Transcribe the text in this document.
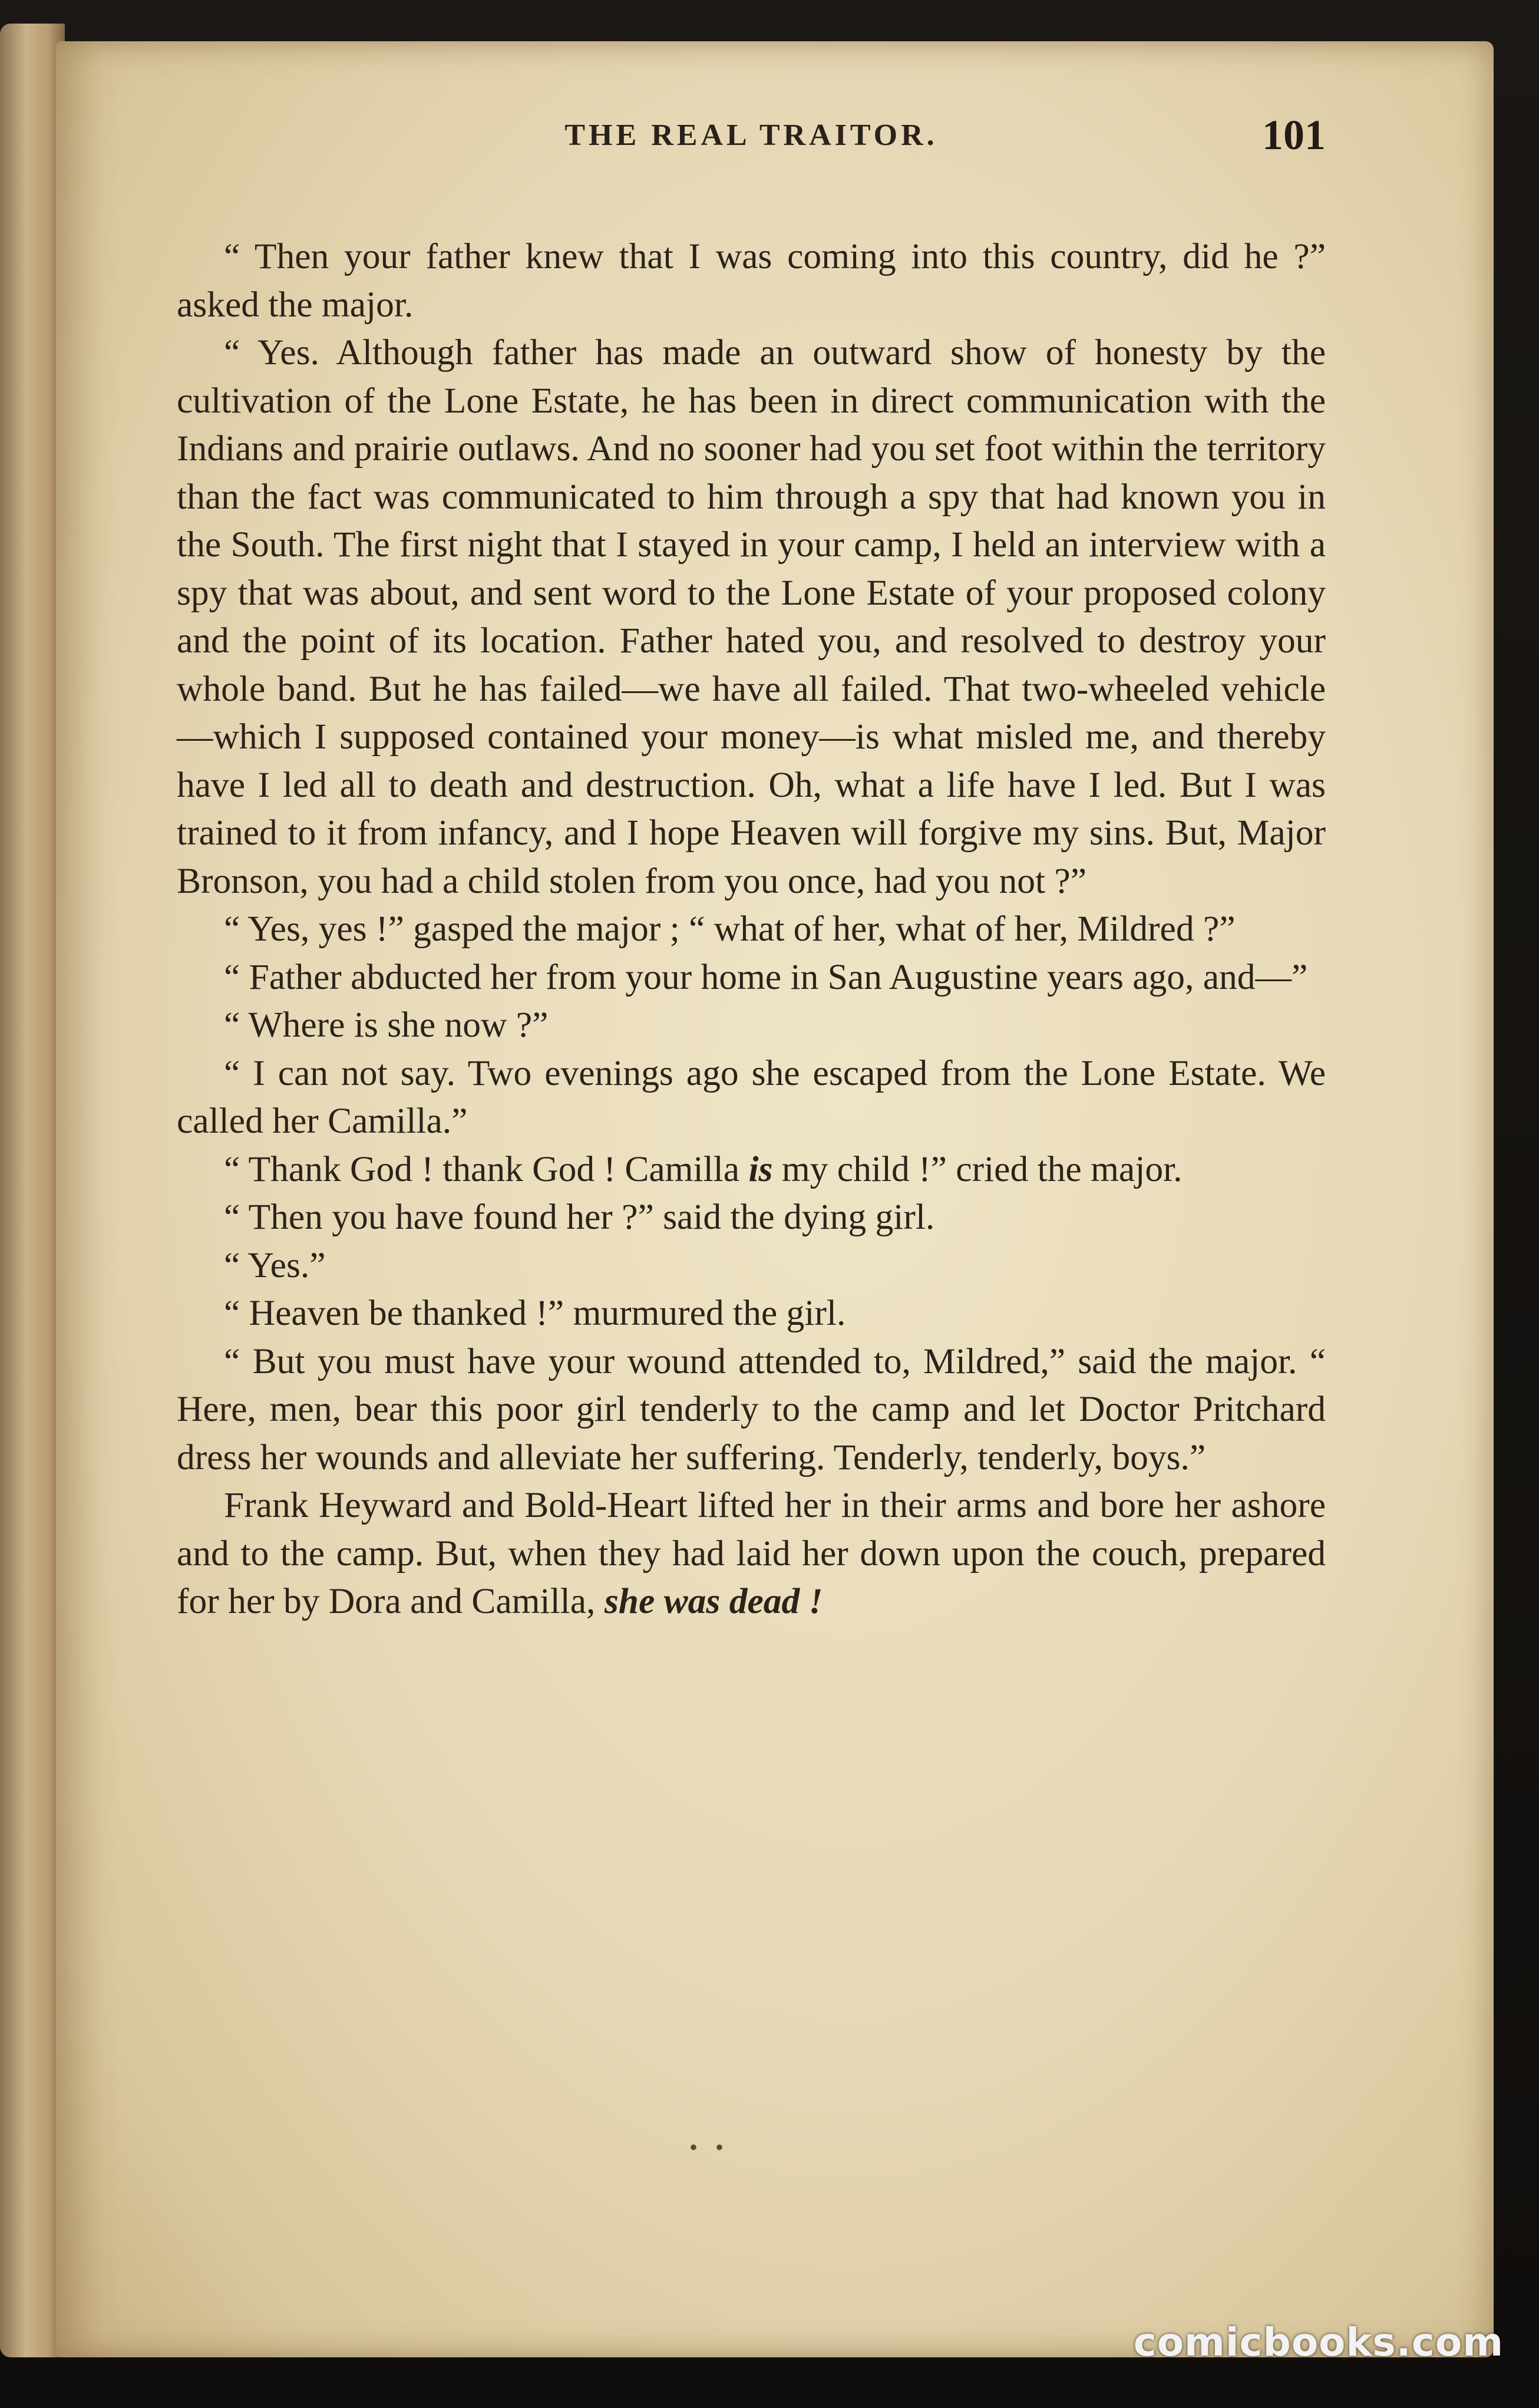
THE REAL TRAITOR.	101

“ Then your father knew that I was coming into this country, did he ?” asked the major.

“ Yes. Although father has made an outward show of honesty by the cultivation of the Lone Estate, he has been in direct communication with the Indians and prairie outlaws. And no sooner had you set foot within the territory than the fact was communicated to him through a spy that had known you in the South. The first night that I stayed in your camp, I held an interview with a spy that was about, and sent word to the Lone Estate of your proposed colony and the point of its location. Father hated you, and resolved to destroy your whole band. But he has failed—we have all failed. That two-wheeled vehicle—which I supposed contained your money—is what misled me, and thereby have I led all to death and destruction. Oh, what a life have I led. But I was trained to it from infancy, and I hope Heaven will forgive my sins. But, Major Bronson, you had a child stolen from you once, had you not ?”

“ Yes, yes !” gasped the major ; “ what of her, what of her, Mildred ?”

“ Father abducted her from your home in San Augustine years ago, and—”

“ Where is she now ?”

“ I can not say. Two evenings ago she escaped from the Lone Estate. We called her Camilla.”

“ Thank God ! thank God ! Camilla is my child !” cried the major.

“ Then you have found her ?” said the dying girl.

“ Yes.”

“ Heaven be thanked !” murmured the girl.

“ But you must have your wound attended to, Mildred,” said the major. “ Here, men, bear this poor girl tenderly to the camp and let Doctor Pritchard dress her wounds and alleviate her suffering. Tenderly, tenderly, boys.”

Frank Heyward and Bold-Heart lifted her in their arms and bore her ashore and to the camp. But, when they had laid her down upon the couch, prepared for her by Dora and Camilla, she was dead !

• •
comicbooks.com
